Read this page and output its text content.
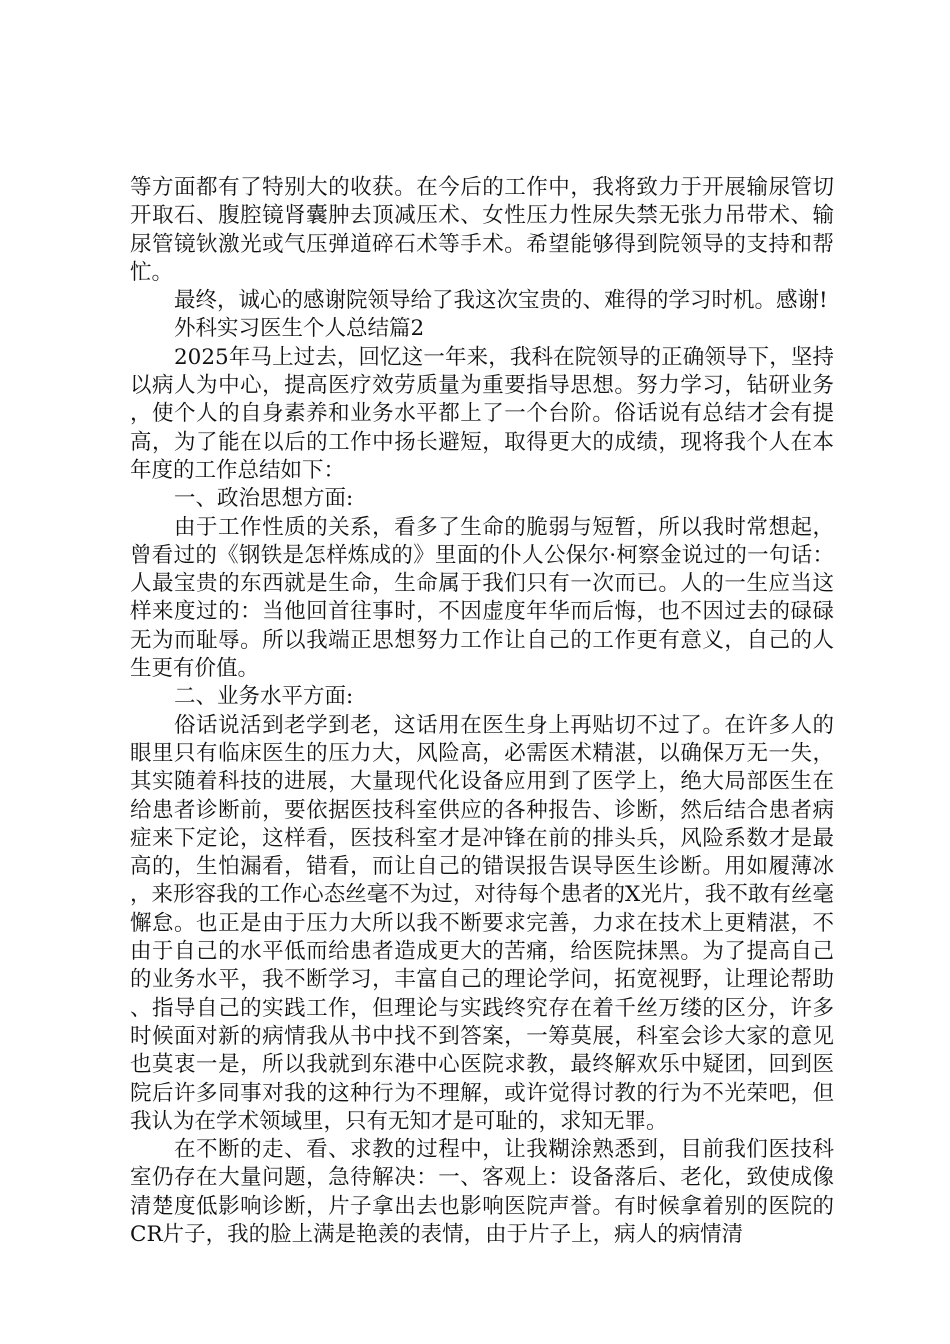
等方面都有了特别大的收获。在今后的工作中，我将致力于开展输尿管切开取石、腹腔镜肾囊肿去顶减压术、女性压力性尿失禁无张力吊带术、输尿管镜钬激光或气压弹道碎石术等手术。希望能够得到院领导的支持和帮忙。

最终，诚心的感谢院领导给了我这次宝贵的、难得的学习时机。感谢!

外科实习医生个人总结篇2

2025年马上过去，回忆这一年来，我科在院领导的正确领导下，坚持以病人为中心，提高医疗效劳质量为重要指导思想。努力学习，钻研业务，使个人的自身素养和业务水平都上了一个台阶。俗话说有总结才会有提高，为了能在以后的工作中扬长避短，取得更大的成绩，现将我个人在本年度的工作总结如下：

一、政治思想方面:

由于工作性质的关系，看多了生命的脆弱与短暂，所以我时常想起，曾看过的《钢铁是怎样炼成的》里面的仆人公保尔·柯察金说过的一句话：人最宝贵的东西就是生命，生命属于我们只有一次而已。人的一生应当这样来度过的：当他回首往事时，不因虚度年华而后悔，也不因过去的碌碌无为而耻辱。所以我端正思想努力工作让自己的工作更有意义，自己的人生更有价值。

二、业务水平方面:

俗话说活到老学到老，这话用在医生身上再贴切不过了。在许多人的眼里只有临床医生的压力大，风险高，必需医术精湛，以确保万无一失，其实随着科技的进展，大量现代化设备应用到了医学上，绝大局部医生在给患者诊断前，要依据医技科室供应的各种报告、诊断，然后结合患者病症来下定论，这样看，医技科室才是冲锋在前的排头兵，风险系数才是最高的，生怕漏看，错看，而让自己的错误报告误导医生诊断。用如履薄冰，来形容我的工作心态丝毫不为过，对待每个患者的X光片，我不敢有丝毫懈怠。也正是由于压力大所以我不断要求完善，力求在技术上更精湛，不由于自己的水平低而给患者造成更大的苦痛，给医院抹黑。为了提高自己的业务水平，我不断学习，丰富自己的理论学问，拓宽视野，让理论帮助、指导自己的实践工作，但理论与实践终究存在着千丝万缕的区分，许多时候面对新的病情我从书中找不到答案，一筹莫展，科室会诊大家的意见也莫衷一是，所以我就到东港中心医院求教，最终解欢乐中疑团，回到医院后许多同事对我的这种行为不理解，或许觉得讨教的行为不光荣吧，但我认为在学术领域里，只有无知才是可耻的，求知无罪。

在不断的走、看、求教的过程中，让我糊涂熟悉到，目前我们医技科室仍存在大量问题，急待解决：一、客观上：设备落后、老化，致使成像清楚度低影响诊断，片子拿出去也影响医院声誉。有时候拿着别的医院的CR片子，我的脸上满是艳羡的表情，由于片子上，病人的病情清
